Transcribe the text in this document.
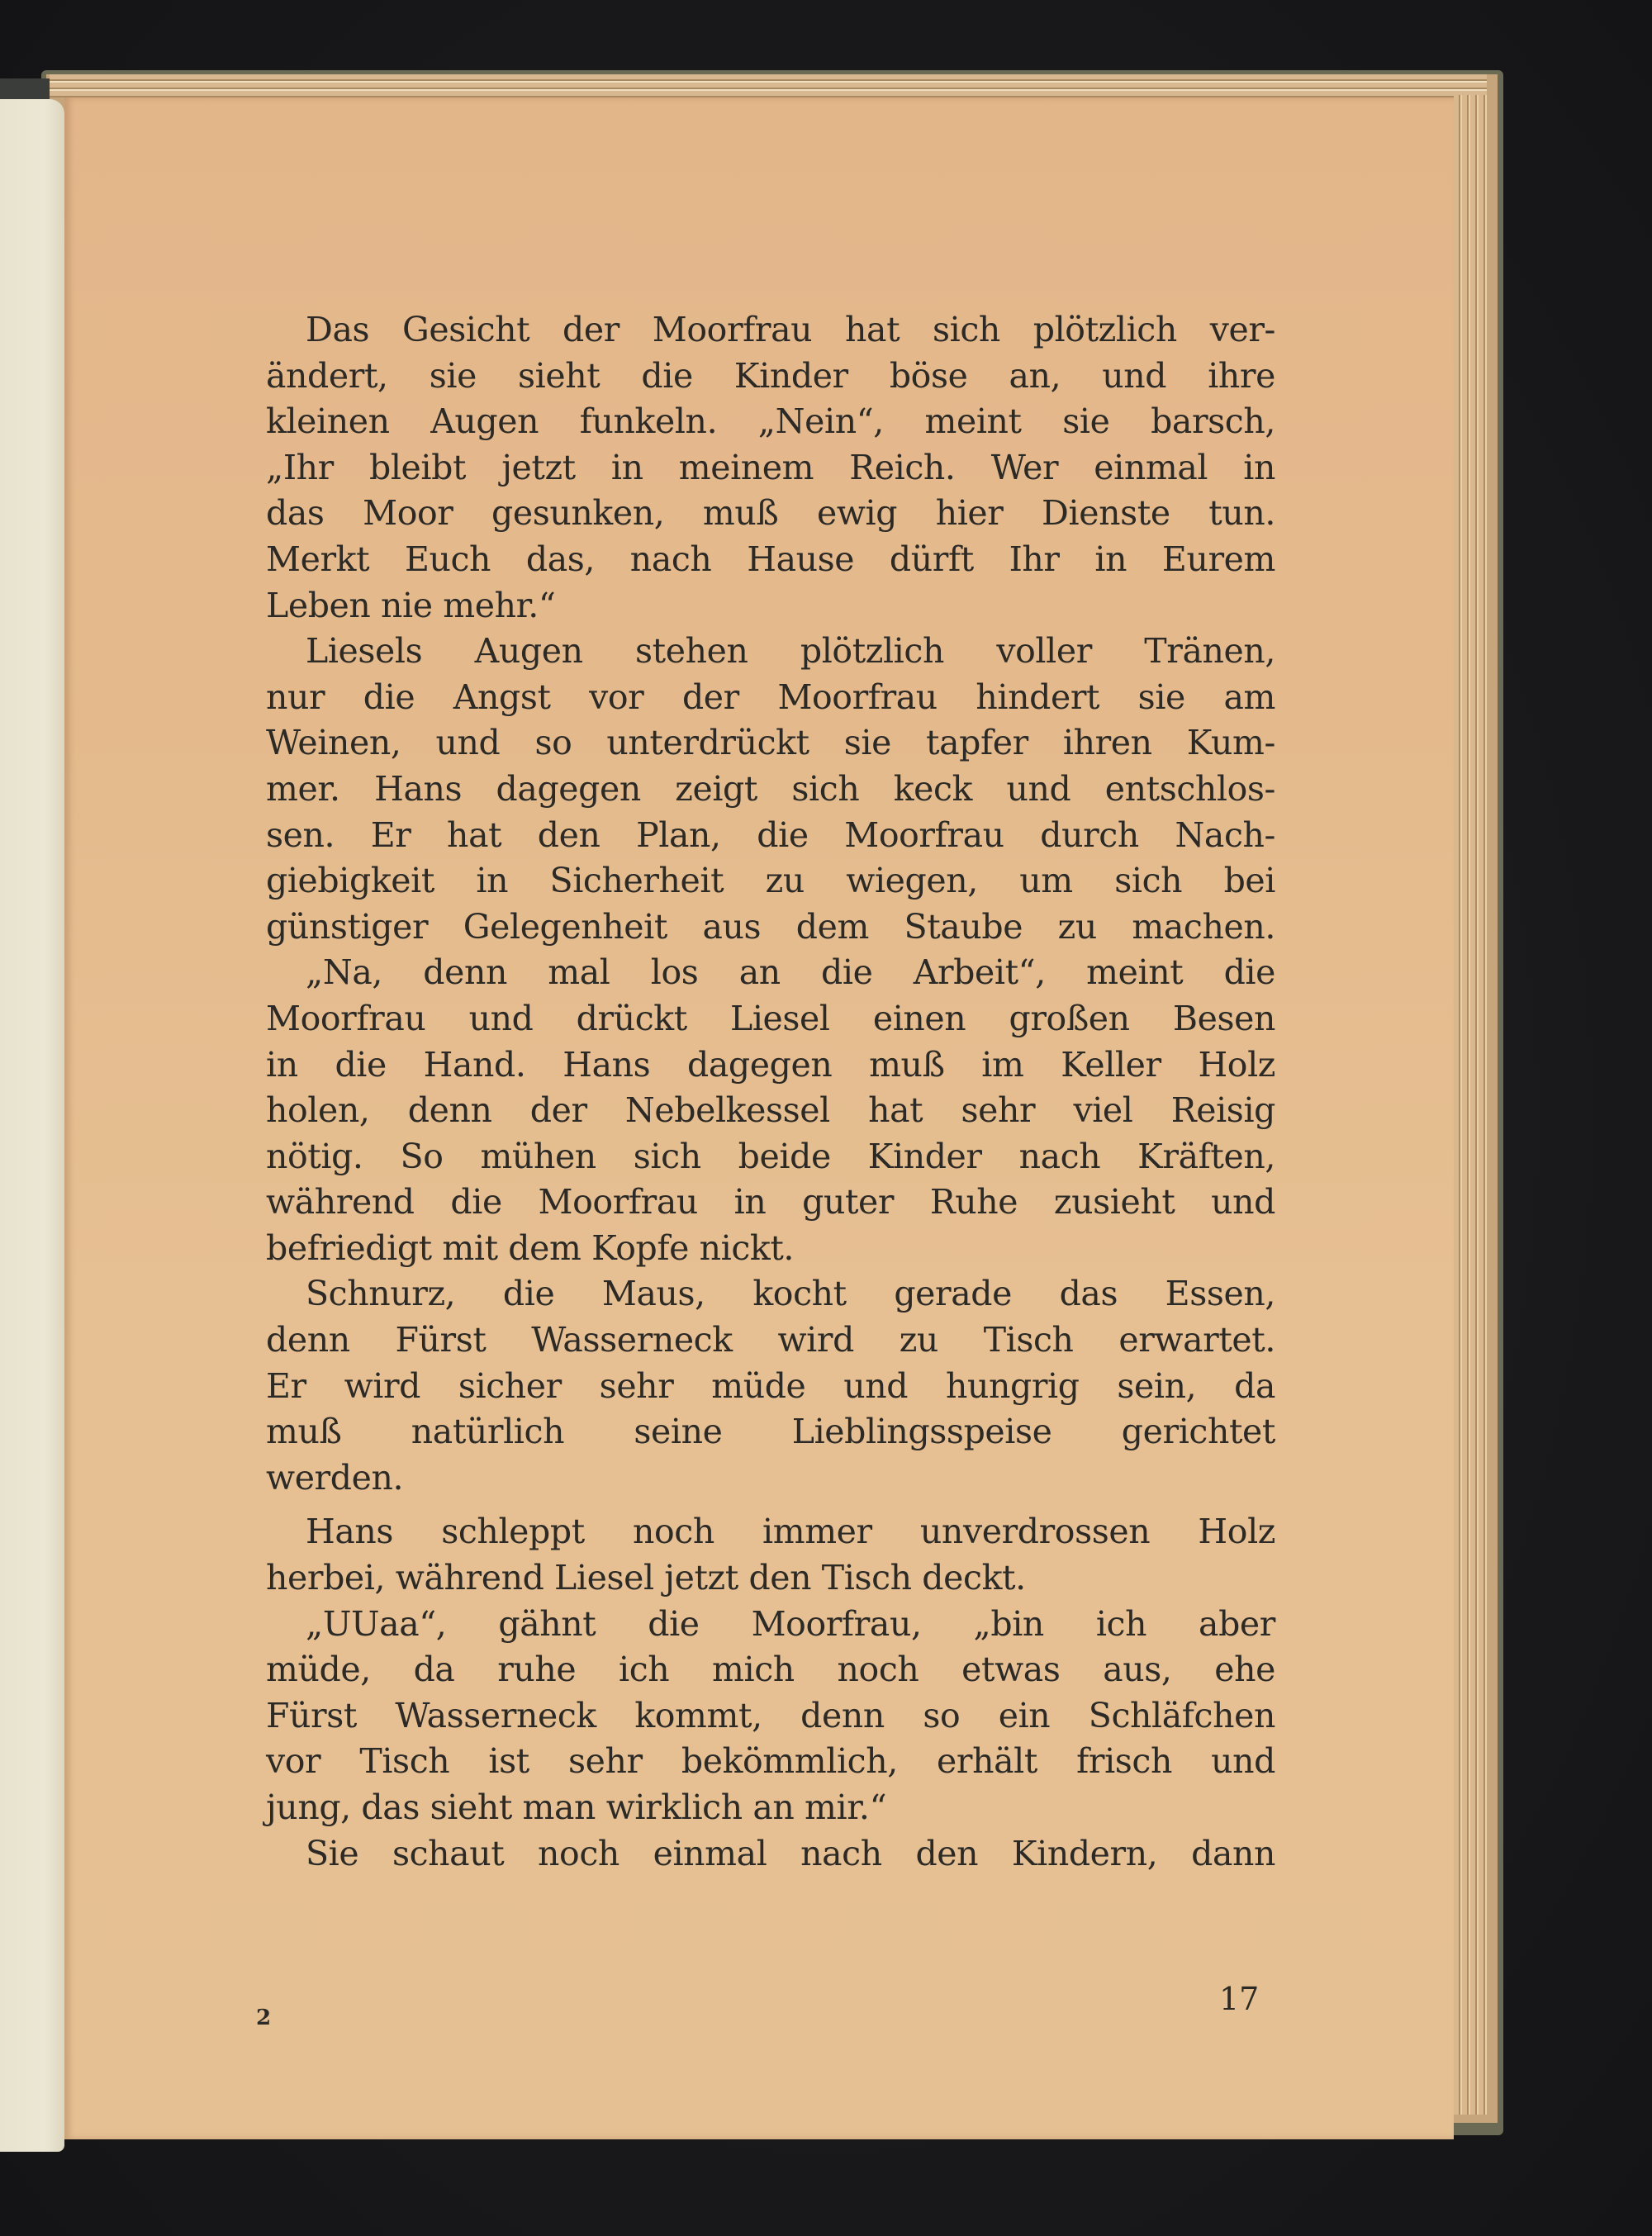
Das Gesicht der Moorfrau hat sich plötzlich ver-
ändert, sie sieht die Kinder böse an, und ihre
kleinen Augen funkeln. „Nein“, meint sie barsch,
„Ihr bleibt jetzt in meinem Reich. Wer einmal in
das Moor gesunken, muß ewig hier Dienste tun.
Merkt Euch das, nach Hause dürft Ihr in Eurem
Leben nie mehr.“
Liesels Augen stehen plötzlich voller Tränen,
nur die Angst vor der Moorfrau hindert sie am
Weinen, und so unterdrückt sie tapfer ihren Kum-
mer. Hans dagegen zeigt sich keck und entschlos-
sen. Er hat den Plan, die Moorfrau durch Nach-
giebigkeit in Sicherheit zu wiegen, um sich bei
günstiger Gelegenheit aus dem Staube zu machen.
„Na, denn mal los an die Arbeit“, meint die
Moorfrau und drückt Liesel einen großen Besen
in die Hand. Hans dagegen muß im Keller Holz
holen, denn der Nebelkessel hat sehr viel Reisig
nötig. So mühen sich beide Kinder nach Kräften,
während die Moorfrau in guter Ruhe zusieht und
befriedigt mit dem Kopfe nickt.
Schnurz, die Maus, kocht gerade das Essen,
denn Fürst Wasserneck wird zu Tisch erwartet.
Er wird sicher sehr müde und hungrig sein, da
muß natürlich seine Lieblingsspeise gerichtet
werden.
Hans schleppt noch immer unverdrossen Holz
herbei, während Liesel jetzt den Tisch deckt.
„UUaa“, gähnt die Moorfrau, „bin ich aber
müde, da ruhe ich mich noch etwas aus, ehe
Fürst Wasserneck kommt, denn so ein Schläfchen
vor Tisch ist sehr bekömmlich, erhält frisch und
jung, das sieht man wirklich an mir.“
Sie schaut noch einmal nach den Kindern, dann
2
17
